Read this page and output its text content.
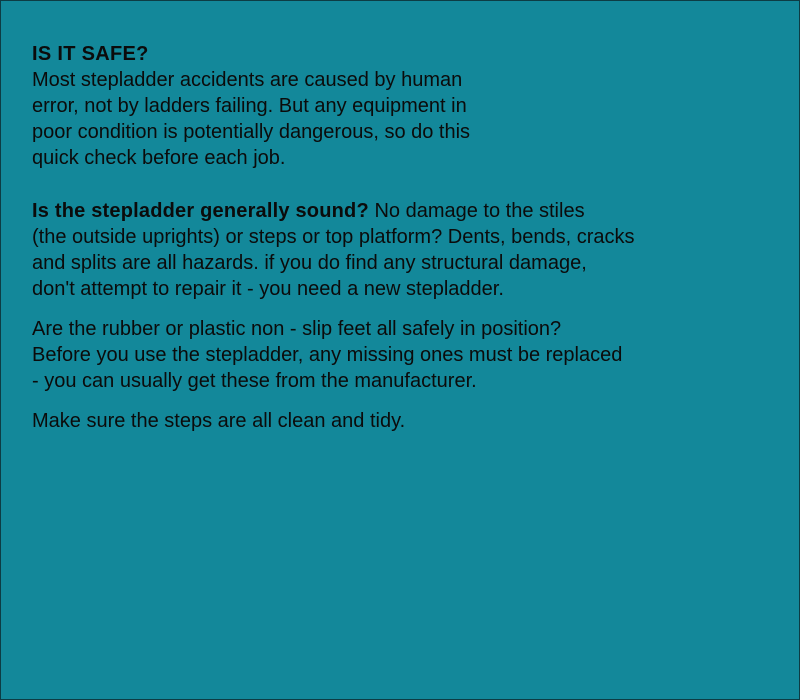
IS IT SAFE?

Most stepladder accidents are caused by human
error, not by ladders failing. But any equipment in
poor condition is potentially dangerous, so do this
quick check before each job.

Is the stepladder generally sound? No damage to the stiles
(the outside uprights) or steps or top platform? Dents, bends, cracks
and splits are all hazards. if you do find any structural damage,
don't attempt to repair it - you need a new stepladder.

Are the rubber or plastic non - slip feet all safely in position?
Before you use the stepladder, any missing ones must be replaced
- you can usually get these from the manufacturer.

Make sure the steps are all clean and tidy.
